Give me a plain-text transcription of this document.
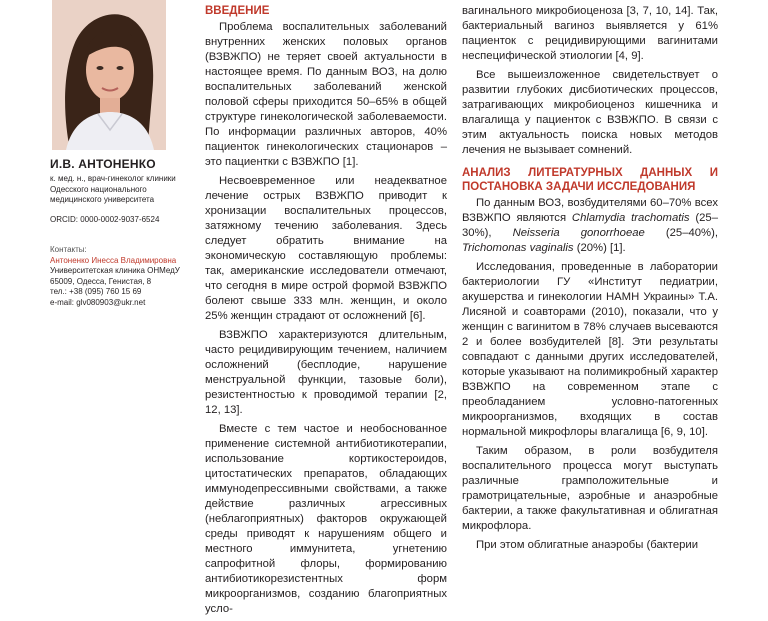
И.В. АНТОНЕНКО
к. мед. н., врач-гинеколог клиники Одесского национального медицинского университета
ORCID: 0000-0002-9037-6524
Контакты:
Антоненко Инесса Владимировна
Университетская клиника ОНМедУ
65009, Одесса, Генистая, 8
тел.: +38 (095) 760 15 69
e-mail: glv080903@ukr.net
ВВЕДЕНИЕ

Проблема воспалительных заболеваний внутренних женских половых органов (ВЗВЖПО) не теряет своей актуальности в настоящее время. По данным ВОЗ, на долю воспалительных заболеваний женской половой сферы приходится 50–65% в общей структуре гинекологической заболеваемости. По информации различных авторов, 40% пациенток гинекологических стационаров – это пациентки с ВЗВЖПО [1].

Несвоевременное или неадекватное лечение острых ВЗВЖПО приводит к хронизации воспалительных процессов, затяжному течению заболевания. Здесь следует обратить внимание на экономическую составляющую проблемы: так, американские исследователи отмечают, что сегодня в мире острой формой ВЗВЖПО болеют свыше 333 млн. женщин, и около 25% женщин страдают от осложнений [6].

ВЗВЖПО характеризуются длительным, часто рецидивирующим течением, наличием осложнений (бесплодие, нарушение менструальной функции, тазовые боли), резистентностью к проводимой терапии [2, 12, 13].

Вместе с тем частое и необоснованное применение системной антибиотикотерапии, использование кортикостероидов, цитостатических препаратов, обладающих иммунодепрессивными свойствами, а также действие различных агрессивных (неблагоприятных) факторов окружающей среды приводят к нарушениям общего и местного иммунитета, угнетению сапрофитной флоры, формированию антибиотикорезистентных форм микроорганизмов, созданию благоприятных усло-

вагинального микробиоценоза [3, 7, 10, 14]. Так, бактериальный вагиноз выявляется у 61% пациенток с рецидивирующими вагинитами неспецифической этиологии [4, 9].

Все вышеизложенное свидетельствует о развитии глубоких дисбиотических процессов, затрагивающих микробиоценоз кишечника и влагалища у пациенток с ВЗВЖПО. В связи с этим актуальность поиска новых методов лечения не вызывает сомнений.

АНАЛИЗ ЛИТЕРАТУРНЫХ ДАННЫХ И ПОСТАНОВКА ЗАДАЧИ ИССЛЕДОВАНИЯ

По данным ВОЗ, возбудителями 60–70% всех ВЗВЖПО являются Chlamydia trachomatis (25–30%), Neisseria gonorrhoeae (25–40%), Trichomonas vaginalis (20%) [1].

Исследования, проведенные в лаборатории бактериологии ГУ «Институт педиатрии, акушерства и гинекологии НАМН Украины» Т.А. Лисяной и соавторами (2010), показали, что у женщин с вагинитом в 78% случаев высеваются 2 и более возбудителей [8]. Эти результаты совпадают с данными других исследователей, которые указывают на полимикробный характер ВЗВЖПО на современном этапе с преобладанием условно-патогенных микроорганизмов, входящих в состав нормальной микрофлоры влагалища [6, 9, 10].

Таким образом, в роли возбудителя воспалительного процесса могут выступать различные грамположительные и грамотрицательные, аэробные и анаэробные бактерии, а также факультативная и облигатная микрофлора.

При этом облигатные анаэробы (бактерии
